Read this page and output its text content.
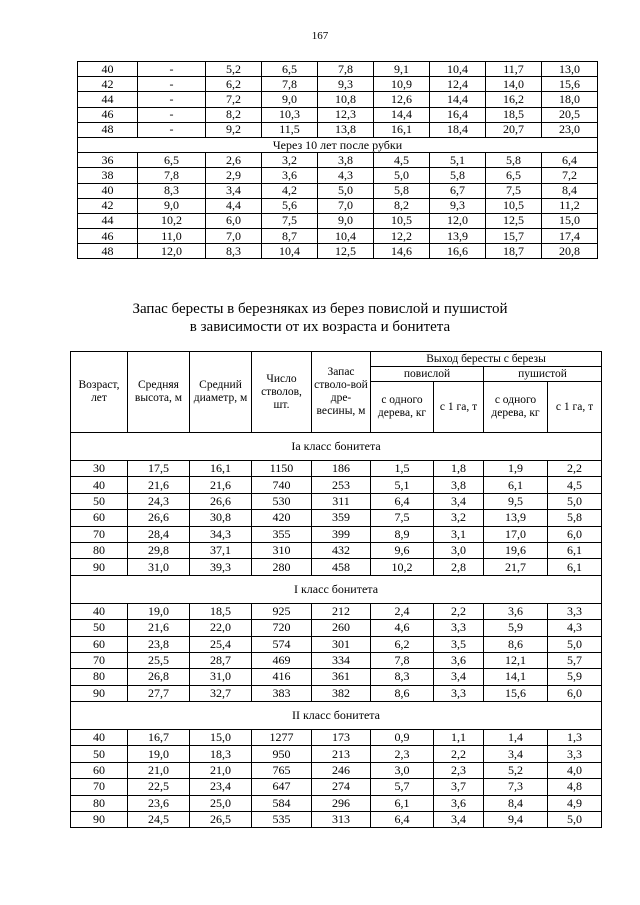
167
40	-	5,2	6,5	7,8	9,1	10,4	11,7	13,0
42	-	6,2	7,8	9,3	10,9	12,4	14,0	15,6
44	-	7,2	9,0	10,8	12,6	14,4	16,2	18,0
46	-	8,2	10,3	12,3	14,4	16,4	18,5	20,5
48	-	9,2	11,5	13,8	16,1	18,4	20,7	23,0
Через 10 лет после рубки								
36	6,5	2,6	3,2	3,8	4,5	5,1	5,8	6,4
38	7,8	2,9	3,6	4,3	5,0	5,8	6,5	7,2
40	8,3	3,4	4,2	5,0	5,8	6,7	7,5	8,4
42	9,0	4,4	5,6	7,0	8,2	9,3	10,5	11,2
44	10,2	6,0	7,5	9,0	10,5	12,0	12,5	15,0
46	11,0	7,0	8,7	10,4	12,2	13,9	15,7	17,4
48	12,0	8,3	10,4	12,5	14,6	16,6	18,7	20,8
Запас бересты в березняках из берез повислой и пушистой
в зависимости от их возраста и бонитета
Возраст, лет	Средняя высота, м	Средний диаметр, м	Число стволов, шт.	Запас стволо-вой дре-весины, м	Выход бересты с березы			
					повислой		пушистой	
					с одного дерева, кг	с 1 га, т	с одного дерева, кг	с 1 га, т
Ia класс бонитета								
30	17,5	16,1	1150	186	1,5	1,8	1,9	2,2
40	21,6	21,6	740	253	5,1	3,8	6,1	4,5
50	24,3	26,6	530	311	6,4	3,4	9,5	5,0
60	26,6	30,8	420	359	7,5	3,2	13,9	5,8
70	28,4	34,3	355	399	8,9	3,1	17,0	6,0
80	29,8	37,1	310	432	9,6	3,0	19,6	6,1
90	31,0	39,3	280	458	10,2	2,8	21,7	6,1
I класс бонитета								
40	19,0	18,5	925	212	2,4	2,2	3,6	3,3
50	21,6	22,0	720	260	4,6	3,3	5,9	4,3
60	23,8	25,4	574	301	6,2	3,5	8,6	5,0
70	25,5	28,7	469	334	7,8	3,6	12,1	5,7
80	26,8	31,0	416	361	8,3	3,4	14,1	5,9
90	27,7	32,7	383	382	8,6	3,3	15,6	6,0
II класс бонитета								
40	16,7	15,0	1277	173	0,9	1,1	1,4	1,3
50	19,0	18,3	950	213	2,3	2,2	3,4	3,3
60	21,0	21,0	765	246	3,0	2,3	5,2	4,0
70	22,5	23,4	647	274	5,7	3,7	7,3	4,8
80	23,6	25,0	584	296	6,1	3,6	8,4	4,9
90	24,5	26,5	535	313	6,4	3,4	9,4	5,0
